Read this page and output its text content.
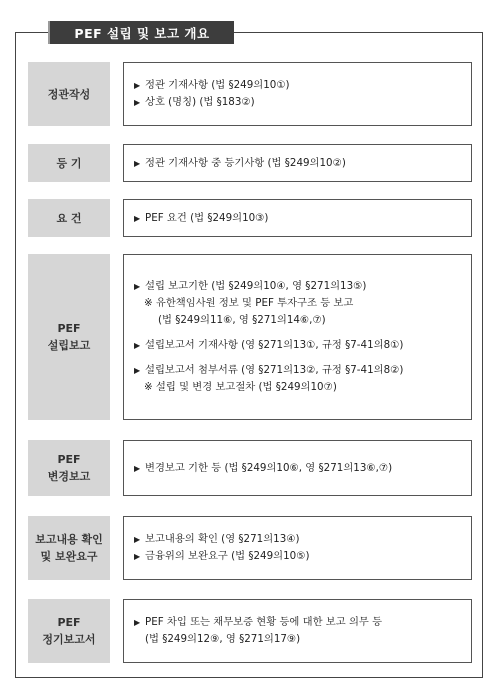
PEF 설립 및 보고 개요
정관작성
▶ 정관 기재사항 (법 §249의10①)
▶ 상호 (명칭) (법 §183②)
등 기	▶ 정관 기재사항 중 등기사항 (법 §249의10②)
요 건	▶ PEF 요건 (법 §249의10③)
PEF
설립보고
▶ 설립 보고기한 (법 §249의10④, 영 §271의13⑤)
※ 유한책임사원 정보 및 PEF 투자구조 등 보고
(법 §249의11⑥, 영 §271의14⑥,⑦)
▶ 설립보고서 기재사항 (영 §271의13①, 규정 §7-41의8①)
▶ 설립보고서 첨부서류 (영 §271의13②, 규정 §7-41의8②)
※ 설립 및 변경 보고절차 (법 §249의10⑦)
PEF
변경보고
▶ 변경보고 기한 등 (법 §249의10⑥, 영 §271의13⑥,⑦)
보고내용 확인
및 보완요구
▶ 보고내용의 확인 (영 §271의13④)
▶ 금융위의 보완요구 (법 §249의10⑤)
PEF
정기보고서
▶ PEF 차입 또는 채무보증 현황 등에 대한 보고 의무 등
(법 §249의12⑨, 영 §271의17⑨)
